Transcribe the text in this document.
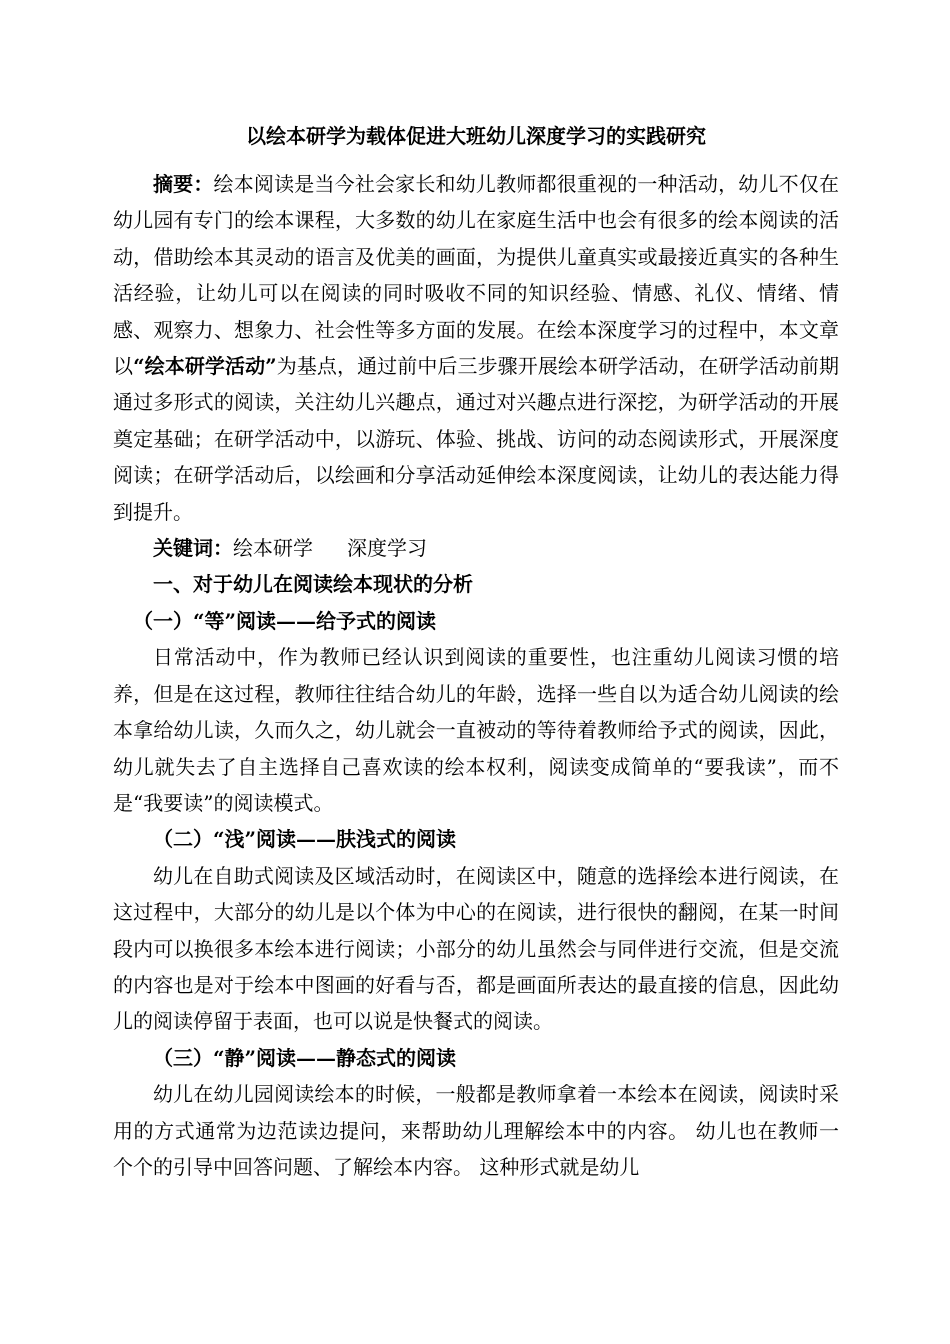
以绘本研学为载体促进大班幼儿深度学习的实践研究

摘要：绘本阅读是当今社会家长和幼儿教师都很重视的一种活动，幼儿不仅在幼儿园有专门的绘本课程，大多数的幼儿在家庭生活中也会有很多的绘本阅读的活动，借助绘本其灵动的语言及优美的画面，为提供儿童真实或最接近真实的各种生活经验，让幼儿可以在阅读的同时吸收不同的知识经验、情感、礼仪、情绪、情感、观察力、想象力、社会性等多方面的发展。在绘本深度学习的过程中，本文章以“绘本研学活动”为基点，通过前中后三步骤开展绘本研学活动，在研学活动前期通过多形式的阅读，关注幼儿兴趣点，通过对兴趣点进行深挖，为研学活动的开展奠定基础；在研学活动中，以游玩、体验、挑战、访问的动态阅读形式，开展深度阅读；在研学活动后，以绘画和分享活动延伸绘本深度阅读，让幼儿的表达能力得到提升。

关键词：绘本研学 深度学习

一、对于幼儿在阅读绘本现状的分析

（一）“等”阅读——给予式的阅读

日常活动中，作为教师已经认识到阅读的重要性，也注重幼儿阅读习惯的培养，但是在这过程，教师往往结合幼儿的年龄，选择一些自以为适合幼儿阅读的绘本拿给幼儿读，久而久之，幼儿就会一直被动的等待着教师给予式的阅读，因此，幼儿就失去了自主选择自己喜欢读的绘本权利，阅读变成简单的“要我读”，而不是“我要读”的阅读模式。

（二）“浅”阅读——肤浅式的阅读

幼儿在自助式阅读及区域活动时，在阅读区中，随意的选择绘本进行阅读，在这过程中，大部分的幼儿是以个体为中心的在阅读，进行很快的翻阅，在某一时间段内可以换很多本绘本进行阅读；小部分的幼儿虽然会与同伴进行交流，但是交流的内容也是对于绘本中图画的好看与否，都是画面所表达的最直接的信息，因此幼儿的阅读停留于表面，也可以说是快餐式的阅读。

（三）“静”阅读——静态式的阅读

幼儿在幼儿园阅读绘本的时候，一般都是教师拿着一本绘本在阅读，阅读时采用的方式通常为边范读边提问，来帮助幼儿理解绘本中的内容。 幼儿也在教师一个个的引导中回答问题、了解绘本内容。 这种形式就是幼儿
